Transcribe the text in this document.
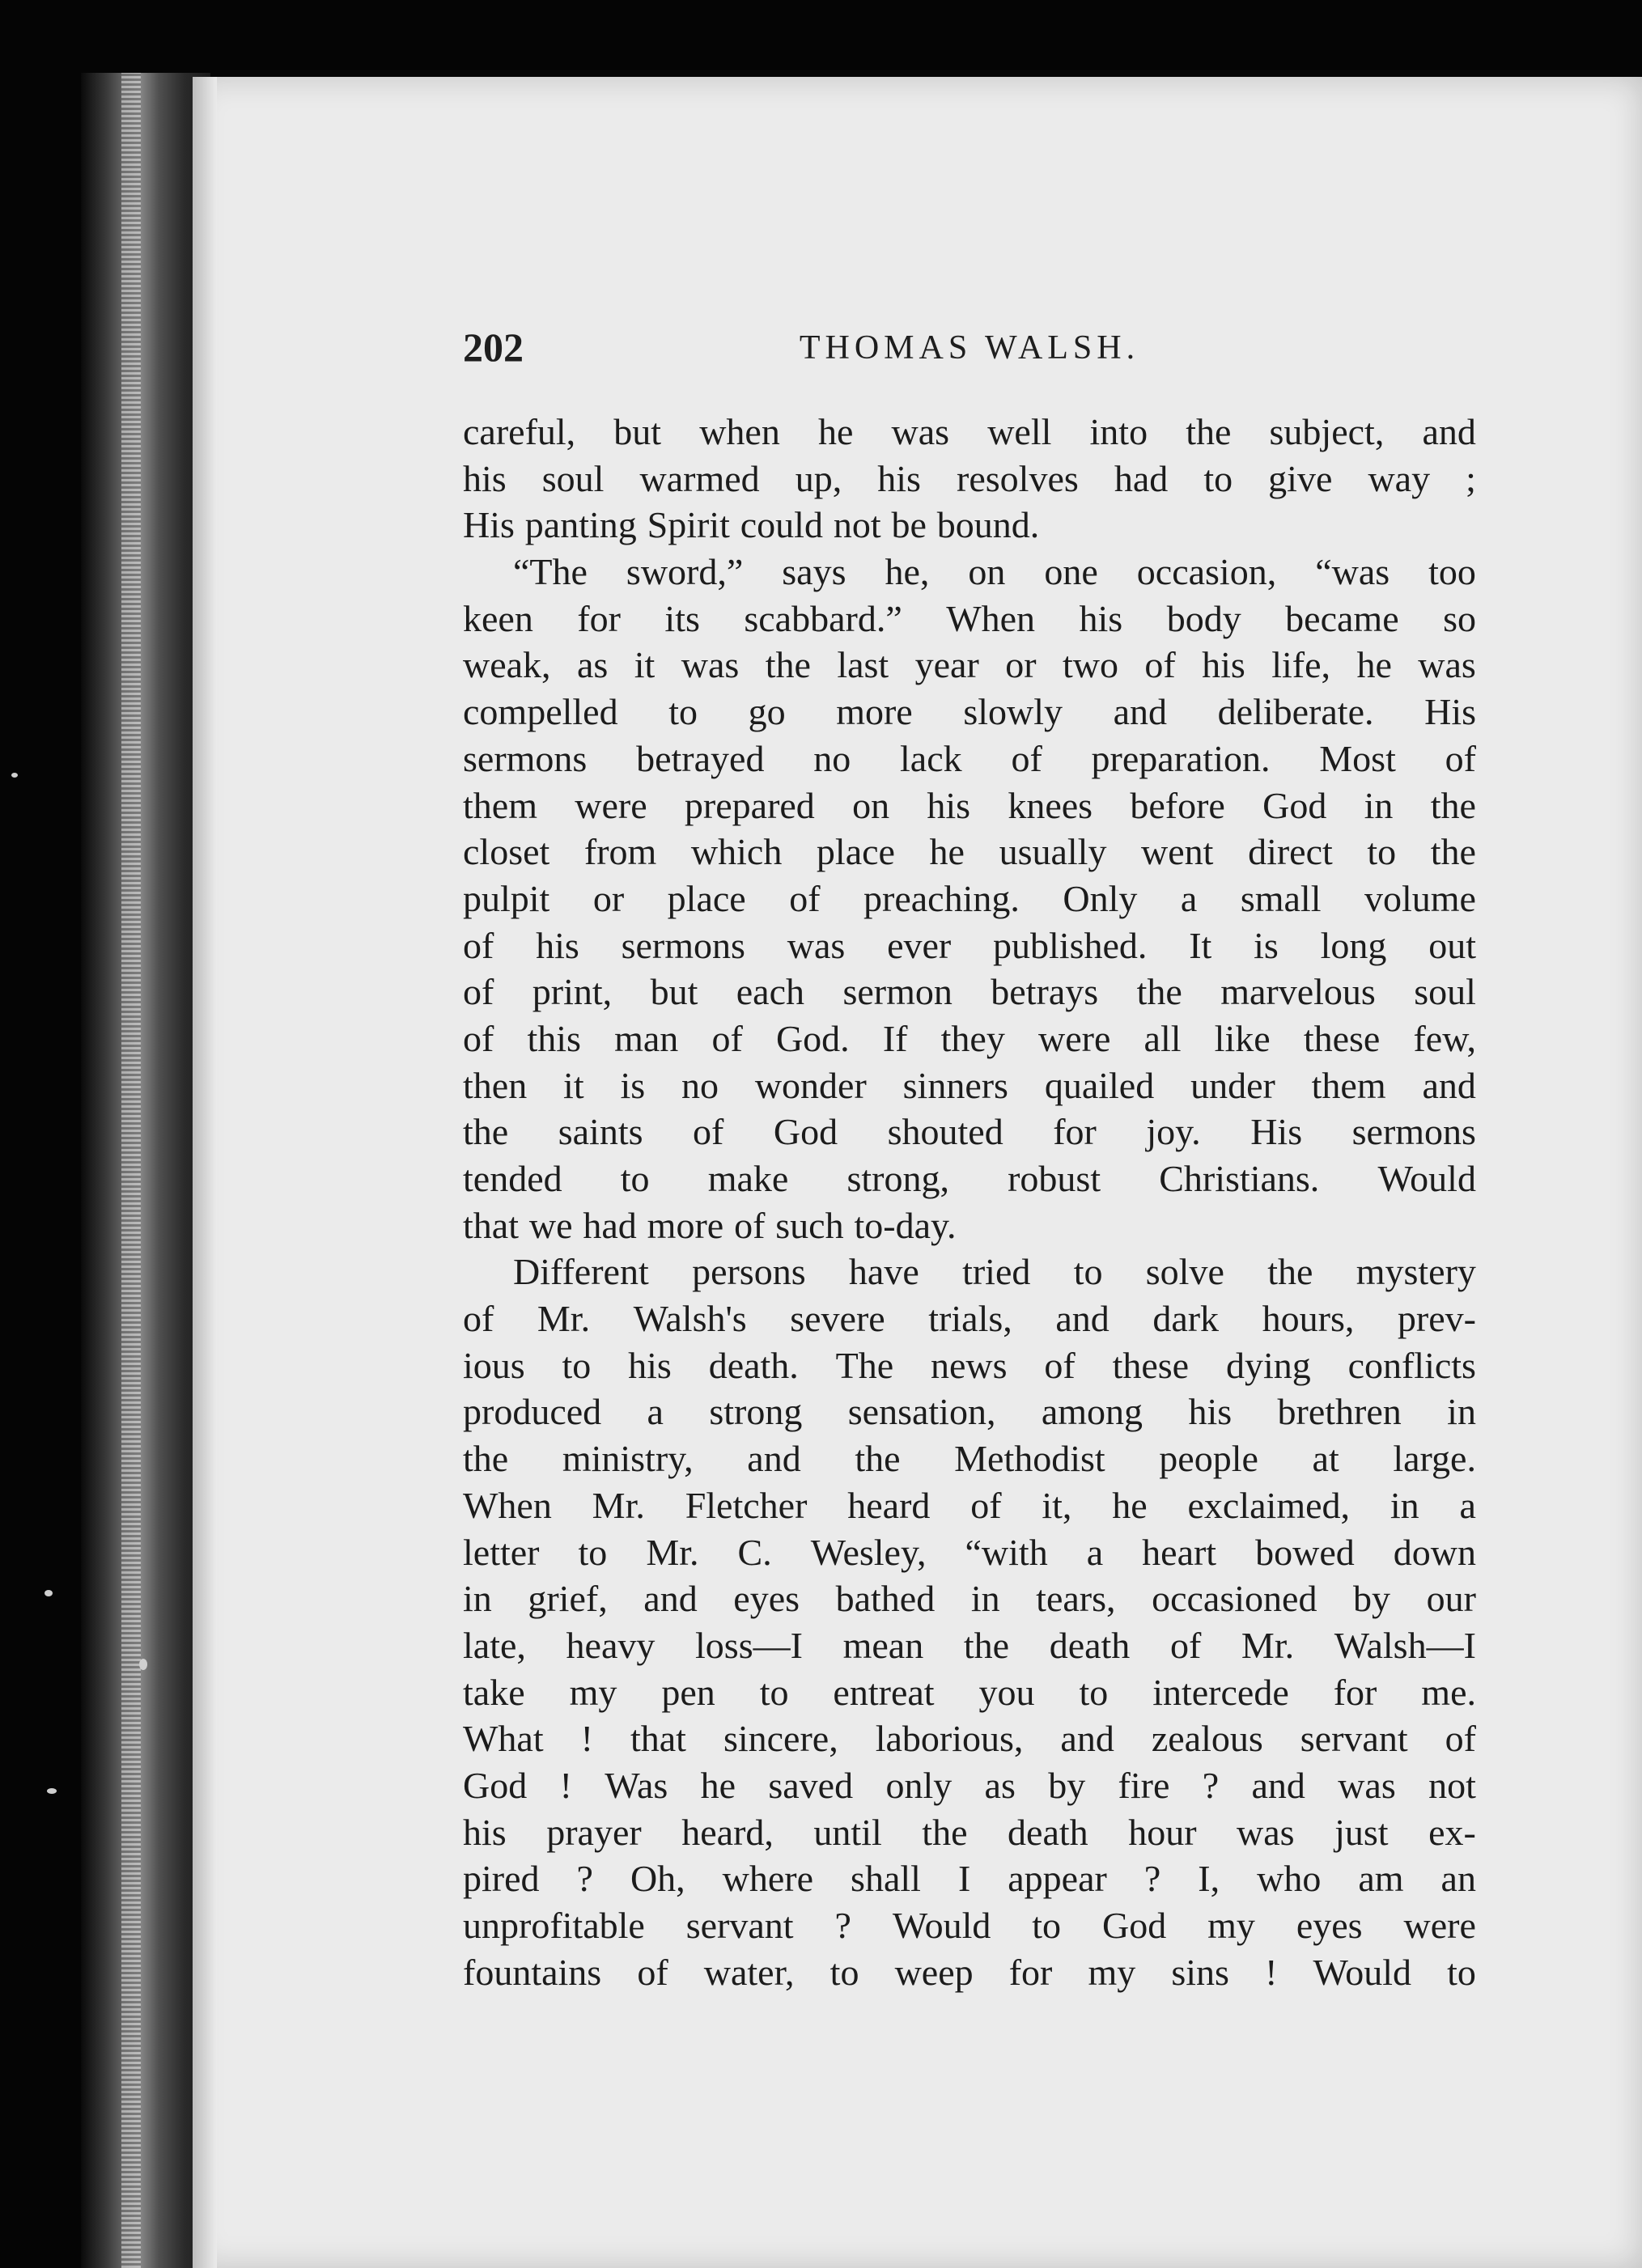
202	THOMAS WALSH.
careful, but when he was well into the subject, and
his soul warmed up, his resolves had to give way ;
His panting Spirit could not be bound.
“The sword,” says he, on one occasion, “was too
keen for its scabbard.” When his body became so
weak, as it was the last year or two of his life, he was
compelled to go more slowly and deliberate. His
sermons betrayed no lack of preparation. Most of
them were prepared on his knees before God in the
closet from which place he usually went direct to the
pulpit or place of preaching. Only a small volume
of his sermons was ever published. It is long out
of print, but each sermon betrays the marvelous soul
of this man of God. If they were all like these few,
then it is no wonder sinners quailed under them and
the saints of God shouted for joy. His sermons
tended to make strong, robust Christians. Would
that we had more of such to-day.
Different persons have tried to solve the mystery
of Mr. Walsh's severe trials, and dark hours, prev-
ious to his death. The news of these dying conflicts
produced a strong sensation, among his brethren in
the ministry, and the Methodist people at large.
When Mr. Fletcher heard of it, he exclaimed, in a
letter to Mr. C. Wesley, “with a heart bowed down
in grief, and eyes bathed in tears, occasioned by our
late, heavy loss—I mean the death of Mr. Walsh—I
take my pen to entreat you to intercede for me.
What ! that sincere, laborious, and zealous servant of
God ! Was he saved only as by fire ? and was not
his prayer heard, until the death hour was just ex-
pired ? Oh, where shall I appear ? I, who am an
unprofitable servant ? Would to God my eyes were
fountains of water, to weep for my sins ! Would to
